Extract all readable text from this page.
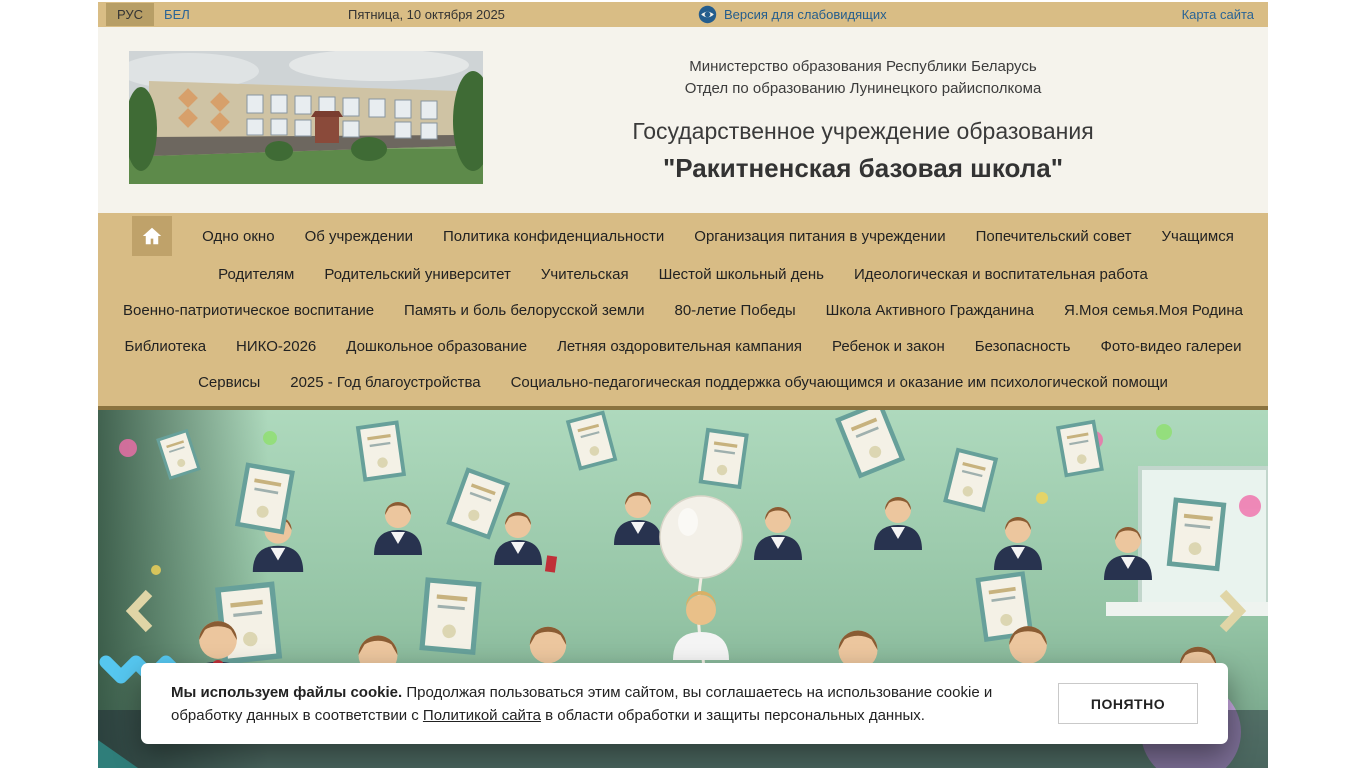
РУС	БЕЛ	Пятница, 10 октября 2025	Версия для слабовидящих	Карта сайта
Министерство образования Республики Беларусь
Отдел по образованию Лунинецкого райисполкома
Государственное учреждение образования
"Ракитненская базовая школа"
Одно окно Об учреждении Политика конфиденциальности Организация питания в учреждении Попечительский совет Учащимся
Родителям Родительский университет Учительская Шестой школьный день Идеологическая и воспитательная работа
Военно-патриотическое воспитание Память и боль белорусской земли 80-летие Победы Школа Активного Гражданина Я.Моя семья.Моя Родина
Библиотека НИКО-2026 Дошкольное образование Летняя оздоровительная кампания Ребенок и закон Безопасность Фото-видео галереи
Сервисы 2025 - Год благоустройства Социально-педагогическая поддержка обучающимся и оказание им психологической помощи
Мы используем файлы cookie. Продолжая пользоваться этим сайтом, вы соглашаетесь на использование cookie и обработку данных в соответствии с Политикой сайта в области обработки и защиты персональных данных.
ПОНЯТНО
